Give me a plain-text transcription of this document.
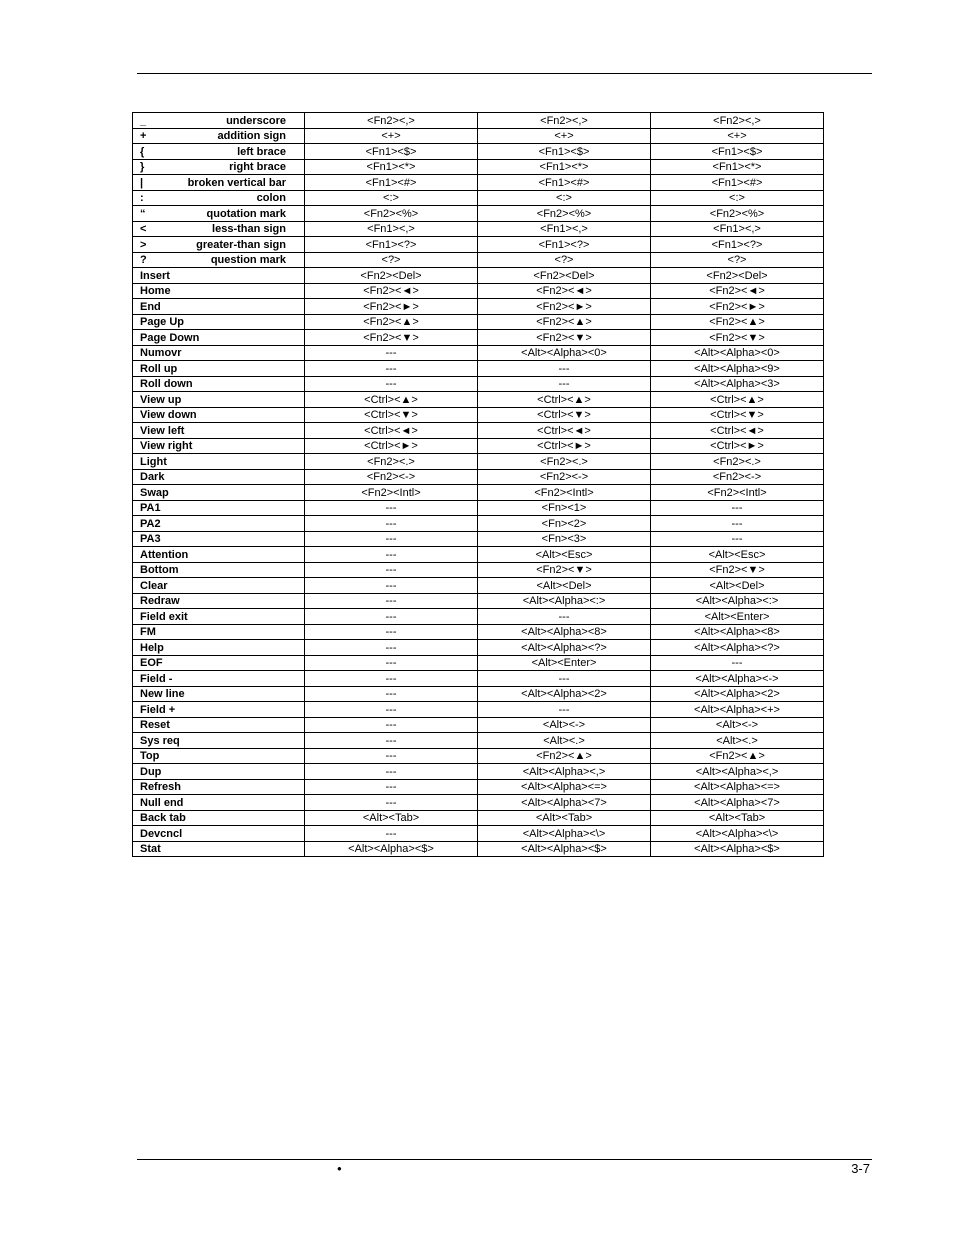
_ underscore	<Fn2><,>	<Fn2><,>	<Fn2><,>
+ addition sign	<+>	<+>	<+>
{ left brace	<Fn1><$>	<Fn1><$>	<Fn1><$>
} right brace	<Fn1><*>	<Fn1><*>	<Fn1><*>
| broken vertical bar	<Fn1><#>	<Fn1><#>	<Fn1><#>
: colon	<:>	<:>	<:>
“ quotation mark	<Fn2><%>	<Fn2><%>	<Fn2><%>
< less-than sign	<Fn1><,>	<Fn1><,>	<Fn1><,>
> greater-than sign	<Fn1><?>	<Fn1><?>	<Fn1><?>
? question mark	<?>	<?>	<?>
Insert	<Fn2><Del>	<Fn2><Del>	<Fn2><Del>
Home	<Fn2><◄>	<Fn2><◄>	<Fn2><◄>
End	<Fn2><►>	<Fn2><►>	<Fn2><►>
Page Up	<Fn2><▲>	<Fn2><▲>	<Fn2><▲>
Page Down	<Fn2><▼>	<Fn2><▼>	<Fn2><▼>
Numovr	---	<Alt><Alpha><0>	<Alt><Alpha><0>
Roll up	---	---	<Alt><Alpha><9>
Roll down	---	---	<Alt><Alpha><3>
View up	<Ctrl><▲>	<Ctrl><▲>	<Ctrl><▲>
View down	<Ctrl><▼>	<Ctrl><▼>	<Ctrl><▼>
View left	<Ctrl><◄>	<Ctrl><◄>	<Ctrl><◄>
View right	<Ctrl><►>	<Ctrl><►>	<Ctrl><►>
Light	<Fn2><.>	<Fn2><.>	<Fn2><.>
Dark	<Fn2><->	<Fn2><->	<Fn2><->
Swap	<Fn2><Intl>	<Fn2><Intl>	<Fn2><Intl>
PA1	---	<Fn><1>	---
PA2	---	<Fn><2>	---
PA3	---	<Fn><3>	---
Attention	---	<Alt><Esc>	<Alt><Esc>
Bottom	---	<Fn2><▼>	<Fn2><▼>
Clear	---	<Alt><Del>	<Alt><Del>
Redraw	---	<Alt><Alpha><:>	<Alt><Alpha><:>
Field exit	---	---	<Alt><Enter>
FM	---	<Alt><Alpha><8>	<Alt><Alpha><8>
Help	---	<Alt><Alpha><?>	<Alt><Alpha><?>
EOF	---	<Alt><Enter>	---
Field -	---	---	<Alt><Alpha><->
New line	---	<Alt><Alpha><2>	<Alt><Alpha><2>
Field +	---	---	<Alt><Alpha><+>
Reset	---	<Alt><->	<Alt><->
Sys req	---	<Alt><.>	<Alt><.>
Top	---	<Fn2><▲>	<Fn2><▲>
Dup	---	<Alt><Alpha><,>	<Alt><Alpha><,>
Refresh	---	<Alt><Alpha><=>	<Alt><Alpha><=>
Null end	---	<Alt><Alpha><7>	<Alt><Alpha><7>
Back tab	<Alt><Tab>	<Alt><Tab>	<Alt><Tab>
Devcncl	---	<Alt><Alpha><\>	<Alt><Alpha><\>
Stat	<Alt><Alpha><$>	<Alt><Alpha><$>	<Alt><Alpha><$>
•	3-7
